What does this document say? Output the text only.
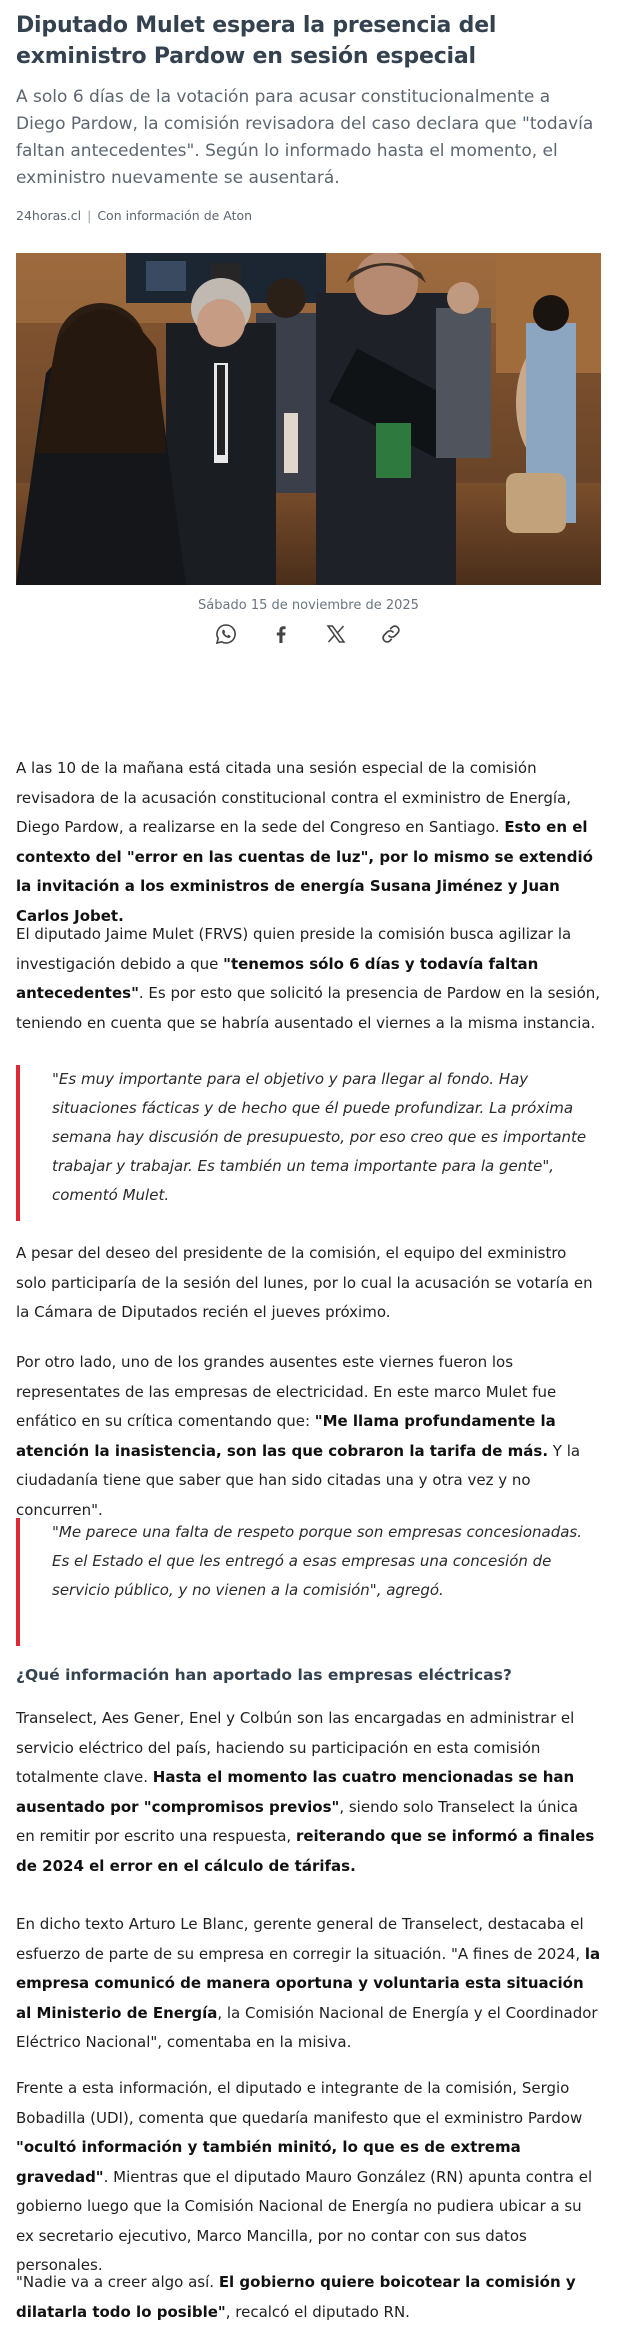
Diputado Mulet espera la presencia del exministro Pardow en sesión especial

A solo 6 días de la votación para acusar constitucionalmente a Diego Pardow, la comisión revisadora del caso declara que "todavía faltan antecedentes". Según lo informado hasta el momento, el exministro nuevamente se ausentará.

24horas.cl | Con información de Aton
Sábado 15 de noviembre de 2025

A las 10 de la mañana está citada una sesión especial de la comisión revisadora de la acusación constitucional contra el exministro de Energía, Diego Pardow, a realizarse en la sede del Congreso en Santiago. Esto en el contexto del "error en las cuentas de luz", por lo mismo se extendió la invitación a los exministros de energía Susana Jiménez y Juan Carlos Jobet.

El diputado Jaime Mulet (FRVS) quien preside la comisión busca agilizar la investigación debido a que "tenemos sólo 6 días y todavía faltan antecedentes". Es por esto que solicitó la presencia de Pardow en la sesión, teniendo en cuenta que se habría ausentado el viernes a la misma instancia.

"Es muy importante para el objetivo y para llegar al fondo. Hay situaciones fácticas y de hecho que él puede profundizar. La próxima semana hay discusión de presupuesto, por eso creo que es importante trabajar y trabajar. Es también un tema importante para la gente", comentó Mulet.

A pesar del deseo del presidente de la comisión, el equipo del exministro solo participaría de la sesión del lunes, por lo cual la acusación se votaría en la Cámara de Diputados recién el jueves próximo.

Por otro lado, uno de los grandes ausentes este viernes fueron los representates de las empresas de electricidad. En este marco Mulet fue enfático en su crítica comentando que: "Me llama profundamente la atención la inasistencia, son las que cobraron la tarifa de más. Y la ciudadanía tiene que saber que han sido citadas una y otra vez y no concurren".

"Me parece una falta de respeto porque son empresas concesionadas. Es el Estado el que les entregó a esas empresas una concesión de servicio público, y no vienen a la comisión", agregó.

¿Qué información han aportado las empresas eléctricas?

Transelect, Aes Gener, Enel y Colbún son las encargadas en administrar el servicio eléctrico del país, haciendo su participación en esta comisión totalmente clave. Hasta el momento las cuatro mencionadas se han ausentado por "compromisos previos", siendo solo Transelect la única en remitir por escrito una respuesta, reiterando que se informó a finales de 2024 el error en el cálculo de tárifas.

En dicho texto Arturo Le Blanc, gerente general de Transelect, destacaba el esfuerzo de parte de su empresa en corregir la situación. "A fines de 2024, la empresa comunicó de manera oportuna y voluntaria esta situación al Ministerio de Energía, la Comisión Nacional de Energía y el Coordinador Eléctrico Nacional", comentaba en la misiva.

Frente a esta información, el diputado e integrante de la comisión, Sergio Bobadilla (UDI), comenta que quedaría manifesto que el exministro Pardow "ocultó información y también minitó, lo que es de extrema gravedad". Mientras que el diputado Mauro González (RN) apunta contra el gobierno luego que la Comisión Nacional de Energía no pudiera ubicar a su ex secretario ejecutivo, Marco Mancilla, por no contar con sus datos personales.

"Nadie va a creer algo así. El gobierno quiere boicotear la comisión y dilatarla todo lo posible", recalcó el diputado RN.
